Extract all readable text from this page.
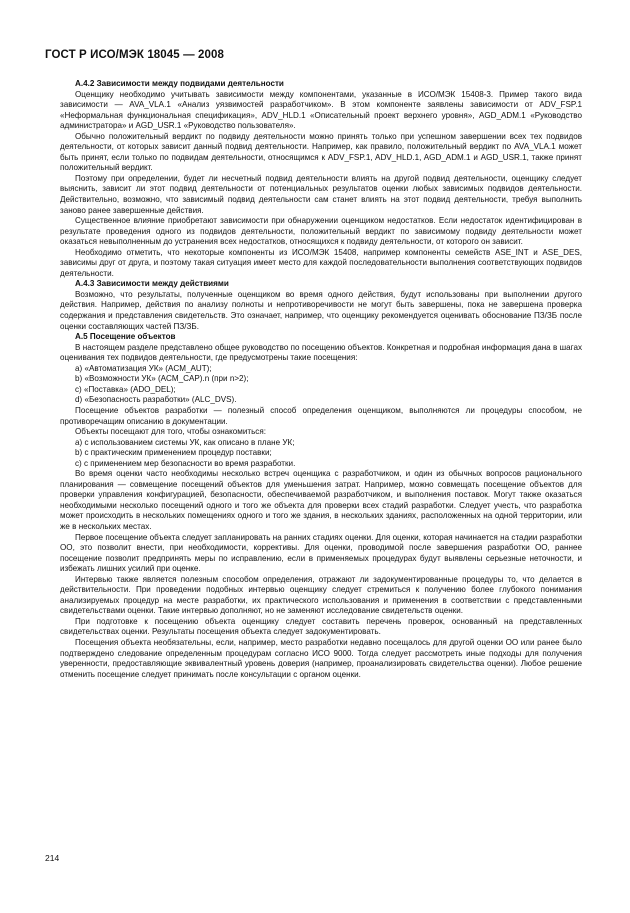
ГОСТ Р ИСО/МЭК 18045 — 2008
А.4.2 Зависимости между подвидами деятельности

Оценщику необходимо учитывать зависимости между компонентами, указанные в ИСО/МЭК 15408-3. Пример такого вида зависимости — AVA_VLA.1 «Анализ уязвимостей разработчиком». В этом компоненте заявлены зависимости от ADV_FSP.1 «Неформальная функциональная спецификация», ADV_HLD.1 «Описательный проект верхнего уровня», AGD_ADM.1 «Руководство администратора» и AGD_USR.1 «Руководство пользователя».

Обычно положительный вердикт по подвиду деятельности можно принять только при успешном завершении всех тех подвидов деятельности, от которых зависит данный подвид деятельности. Например, как правило, положительный вердикт по AVA_VLA.1 может быть принят, если только по подвидам деятельности, относящимся к ADV_FSP.1, ADV_HLD.1, AGD_ADM.1 и AGD_USR.1, также принят положительный вердикт.

Поэтому при определении, будет ли несчетный подвид деятельности влиять на другой подвид деятельности, оценщику следует выяснить, зависит ли этот подвид деятельности от потенциальных результатов оценки любых зависимых подвидов деятельности. Действительно, возможно, что зависимый подвид деятельности сам станет влиять на этот подвид деятельности, требуя выполнить заново ранее завершенные действия.

Существенное влияние приобретают зависимости при обнаружении оценщиком недостатков. Если недостаток идентифицирован в результате проведения одного из подвидов деятельности, положительный вердикт по зависимому подвиду деятельности может оказаться невыполненным до устранения всех недостатков, относящихся к подвиду деятельности, от которого он зависит.

Необходимо отметить, что некоторые компоненты из ИСО/МЭК 15408, например компоненты семейств ASE_INT и ASE_DES, зависимы друг от друга, и поэтому такая ситуация имеет место для каждой последовательности выполнения соответствующих подвидов деятельности.

А.4.3 Зависимости между действиями

Возможно, что результаты, полученные оценщиком во время одного действия, будут использованы при выполнении другого действия. Например, действия по анализу полноты и непротиворечивости не могут быть завершены, пока не завершена проверка содержания и представления свидетельств. Это означает, например, что оценщику рекомендуется оценивать обоснование ПЗ/ЗБ после оценки составляющих частей ПЗ/ЗБ.

А.5 Посещение объектов

В настоящем разделе представлено общее руководство по посещению объектов. Конкретная и подробная информация дана в шагах оценивания тех подвидов деятельности, где предусмотрены такие посещения:

a) «Автоматизация УК» (ACM_AUT);
b) «Возможности УК» (ACM_CAP).n (при n>2);
c) «Поставка» (ADO_DEL);
d) «Безопасность разработки» (ALC_DVS).

Посещение объектов разработки — полезный способ определения оценщиком, выполняются ли процедуры способом, не противоречащим описанию в документации.

Объекты посещают для того, чтобы ознакомиться:

a) с использованием системы УК, как описано в плане УК;
b) с практическим применением процедур поставки;
c) с применением мер безопасности во время разработки.

Во время оценки часто необходимы несколько встреч оценщика с разработчиком, и один из обычных вопросов рационального планирования — совмещение посещений объектов для уменьшения затрат. Например, можно совмещать посещение объектов для проверки управления конфигурацией, безопасности, обеспечиваемой разработчиком, и выполнения поставок. Могут также оказаться необходимыми несколько посещений одного и того же объекта для проверки всех стадий разработки. Следует учесть, что разработка может происходить в нескольких помещениях одного и того же здания, в нескольких зданиях, расположенных на одной территории, или же в нескольких местах.

Первое посещение объекта следует запланировать на ранних стадиях оценки. Для оценки, которая начинается на стадии разработки ОО, это позволит внести, при необходимости, коррективы. Для оценки, проводимой после завершения разработки ОО, раннее посещение позволит предпринять меры по исправлению, если в применяемых процедурах будут выявлены серьезные неточности, и избежать лишних усилий при оценке.

Интервью также является полезным способом определения, отражают ли задокументированные процедуры то, что делается в действительности. При проведении подобных интервью оценщику следует стремиться к получению более глубокого понимания анализируемых процедур на месте разработки, их практического использования и применения в соответствии с представленными свидетельствами оценки. Такие интервью дополняют, но не заменяют исследование свидетельств оценки.

При подготовке к посещению объекта оценщику следует составить перечень проверок, основанный на представленных свидетельствах оценки. Результаты посещения объекта следует задокументировать.

Посещения объекта необязательны, если, например, место разработки недавно посещалось для другой оценки ОО или ранее было подтверждено следование определенным процедурам согласно ИСО 9000. Тогда следует рассмотреть иные подходы для получения уверенности, предоставляющие эквивалентный уровень доверия (например, проанализировать свидетельства оценки). Любое решение отменить посещение следует принимать после консультации с органом оценки.

214
